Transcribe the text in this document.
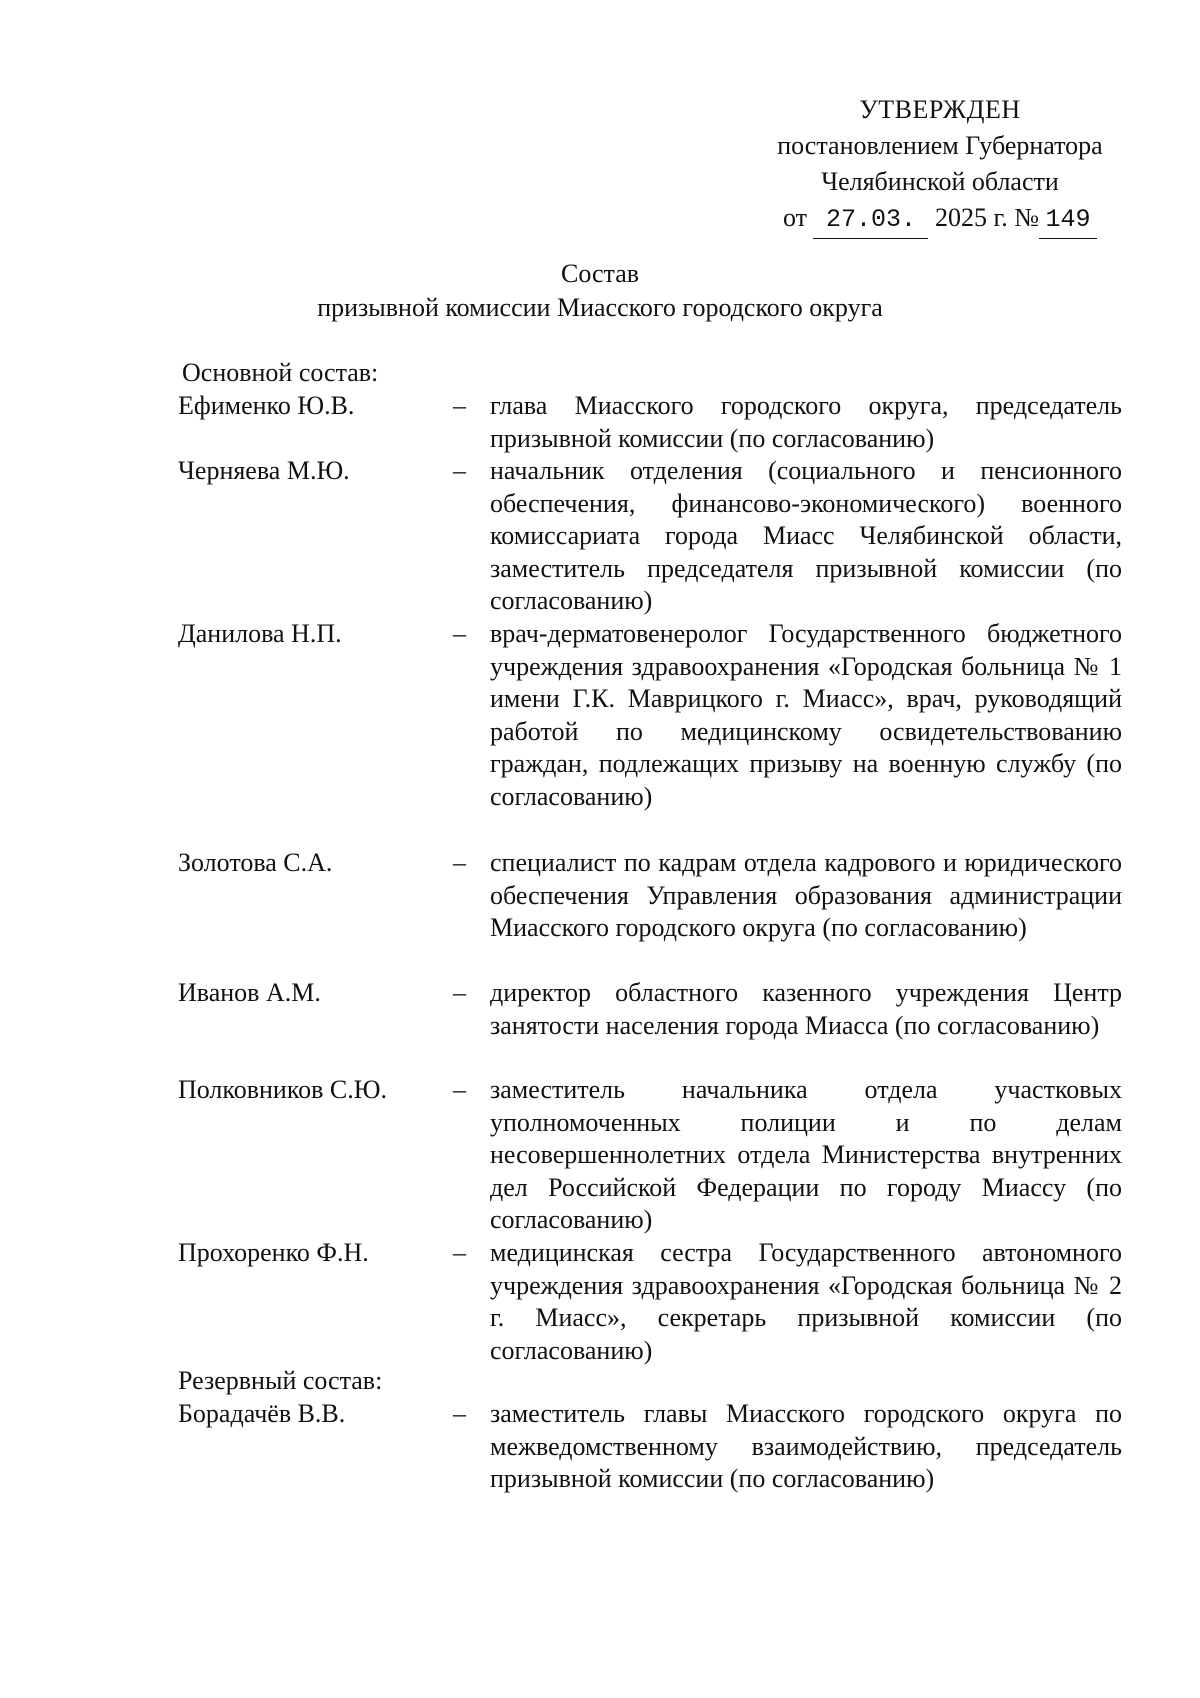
УТВЕРЖДЕН
постановлением Губернатора
Челябинской области
от 27.03. 2025 г. № 149
Состав
призывной комиссии Миасского городского округа
Основной состав:
Ефименко Ю.В.	– глава Миасского городского округа, председатель призывной комиссии (по согласованию)
Черняева М.Ю.	– начальник отделения (социального и пенсионного обеспечения, финансово-экономического) военного комиссариата города Миасс Челябинской области, заместитель председателя призывной комиссии (по согласованию)
Данилова Н.П.	– врач-дерматовенеролог Государственного бюджетного учреждения здравоохранения «Городская больница № 1 имени Г.К. Маврицкого г. Миасс», врач, руководящий работой по медицинскому освидетельствованию граждан, подлежащих призыву на военную службу (по согласованию)
Золотова С.А.	– специалист по кадрам отдела кадрового и юридического обеспечения Управления образования администрации Миасского городского округа (по согласованию)
Иванов А.М.	– директор областного казенного учреждения Центр занятости населения города Миасса (по согласованию)
Полковников С.Ю.	– заместитель начальника отдела участковых уполномоченных полиции и по делам несовершеннолетних отдела Министерства внутренних дел Российской Федерации по городу Миассу (по согласованию)
Прохоренко Ф.Н.	– медицинская сестра Государственного автономного учреждения здравоохранения «Городская больница № 2 г. Миасс», секретарь призывной комиссии (по согласованию)
Резервный состав:
Борадачёв В.В.	– заместитель главы Миасского городского округа по межведомственному взаимодействию, председатель призывной комиссии (по согласованию)
